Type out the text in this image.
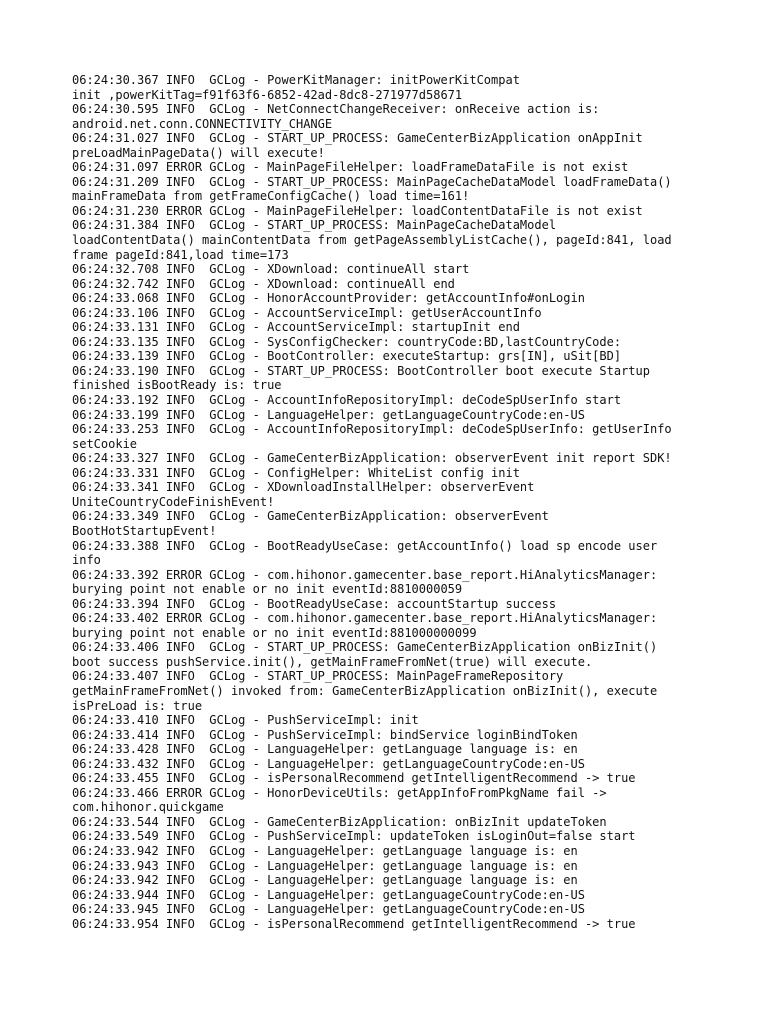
06:24:30.367 INFO  GCLog - PowerKitManager: initPowerKitCompat
init ,powerKitTag=f91f63f6-6852-42ad-8dc8-271977d58671
06:24:30.595 INFO  GCLog - NetConnectChangeReceiver: onReceive action is:
android.net.conn.CONNECTIVITY_CHANGE
06:24:31.027 INFO  GCLog - START_UP_PROCESS: GameCenterBizApplication onAppInit
preLoadMainPageData() will execute!
06:24:31.097 ERROR GCLog - MainPageFileHelper: loadFrameDataFile is not exist
06:24:31.209 INFO  GCLog - START_UP_PROCESS: MainPageCacheDataModel loadFrameData()
mainFrameData from getFrameConfigCache() load time=161!
06:24:31.230 ERROR GCLog - MainPageFileHelper: loadContentDataFile is not exist
06:24:31.384 INFO  GCLog - START_UP_PROCESS: MainPageCacheDataModel
loadContentData() mainContentData from getPageAssemblyListCache(), pageId:841, load
frame pageId:841,load time=173
06:24:32.708 INFO  GCLog - XDownload: continueAll start
06:24:32.742 INFO  GCLog - XDownload: continueAll end
06:24:33.068 INFO  GCLog - HonorAccountProvider: getAccountInfo#onLogin
06:24:33.106 INFO  GCLog - AccountServiceImpl: getUserAccountInfo
06:24:33.131 INFO  GCLog - AccountServiceImpl: startupInit end
06:24:33.135 INFO  GCLog - SysConfigChecker: countryCode:BD,lastCountryCode:
06:24:33.139 INFO  GCLog - BootController: executeStartup: grs[IN], uSit[BD]
06:24:33.190 INFO  GCLog - START_UP_PROCESS: BootController boot execute Startup
finished isBootReady is: true
06:24:33.192 INFO  GCLog - AccountInfoRepositoryImpl: deCodeSpUserInfo start
06:24:33.199 INFO  GCLog - LanguageHelper: getLanguageCountryCode:en-US
06:24:33.253 INFO  GCLog - AccountInfoRepositoryImpl: deCodeSpUserInfo: getUserInfo
setCookie
06:24:33.327 INFO  GCLog - GameCenterBizApplication: observerEvent init report SDK!
06:24:33.331 INFO  GCLog - ConfigHelper: WhiteList config init
06:24:33.341 INFO  GCLog - XDownloadInstallHelper: observerEvent
UniteCountryCodeFinishEvent!
06:24:33.349 INFO  GCLog - GameCenterBizApplication: observerEvent
BootHotStartupEvent!
06:24:33.388 INFO  GCLog - BootReadyUseCase: getAccountInfo() load sp encode user
info
06:24:33.392 ERROR GCLog - com.hihonor.gamecenter.base_report.HiAnalyticsManager:
burying point not enable or no init eventId:8810000059
06:24:33.394 INFO  GCLog - BootReadyUseCase: accountStartup success
06:24:33.402 ERROR GCLog - com.hihonor.gamecenter.base_report.HiAnalyticsManager:
burying point not enable or no init eventId:881000000099
06:24:33.406 INFO  GCLog - START_UP_PROCESS: GameCenterBizApplication onBizInit()
boot success pushService.init(), getMainFrameFromNet(true) will execute.
06:24:33.407 INFO  GCLog - START_UP_PROCESS: MainPageFrameRepository
getMainFrameFromNet() invoked from: GameCenterBizApplication onBizInit(), execute
isPreLoad is: true
06:24:33.410 INFO  GCLog - PushServiceImpl: init
06:24:33.414 INFO  GCLog - PushServiceImpl: bindService loginBindToken
06:24:33.428 INFO  GCLog - LanguageHelper: getLanguage language is: en
06:24:33.432 INFO  GCLog - LanguageHelper: getLanguageCountryCode:en-US
06:24:33.455 INFO  GCLog - isPersonalRecommend getIntelligentRecommend -> true
06:24:33.466 ERROR GCLog - HonorDeviceUtils: getAppInfoFromPkgName fail ->
com.hihonor.quickgame
06:24:33.544 INFO  GCLog - GameCenterBizApplication: onBizInit updateToken
06:24:33.549 INFO  GCLog - PushServiceImpl: updateToken isLoginOut=false start
06:24:33.942 INFO  GCLog - LanguageHelper: getLanguage language is: en
06:24:33.943 INFO  GCLog - LanguageHelper: getLanguage language is: en
06:24:33.942 INFO  GCLog - LanguageHelper: getLanguage language is: en
06:24:33.944 INFO  GCLog - LanguageHelper: getLanguageCountryCode:en-US
06:24:33.945 INFO  GCLog - LanguageHelper: getLanguageCountryCode:en-US
06:24:33.954 INFO  GCLog - isPersonalRecommend getIntelligentRecommend -> true
